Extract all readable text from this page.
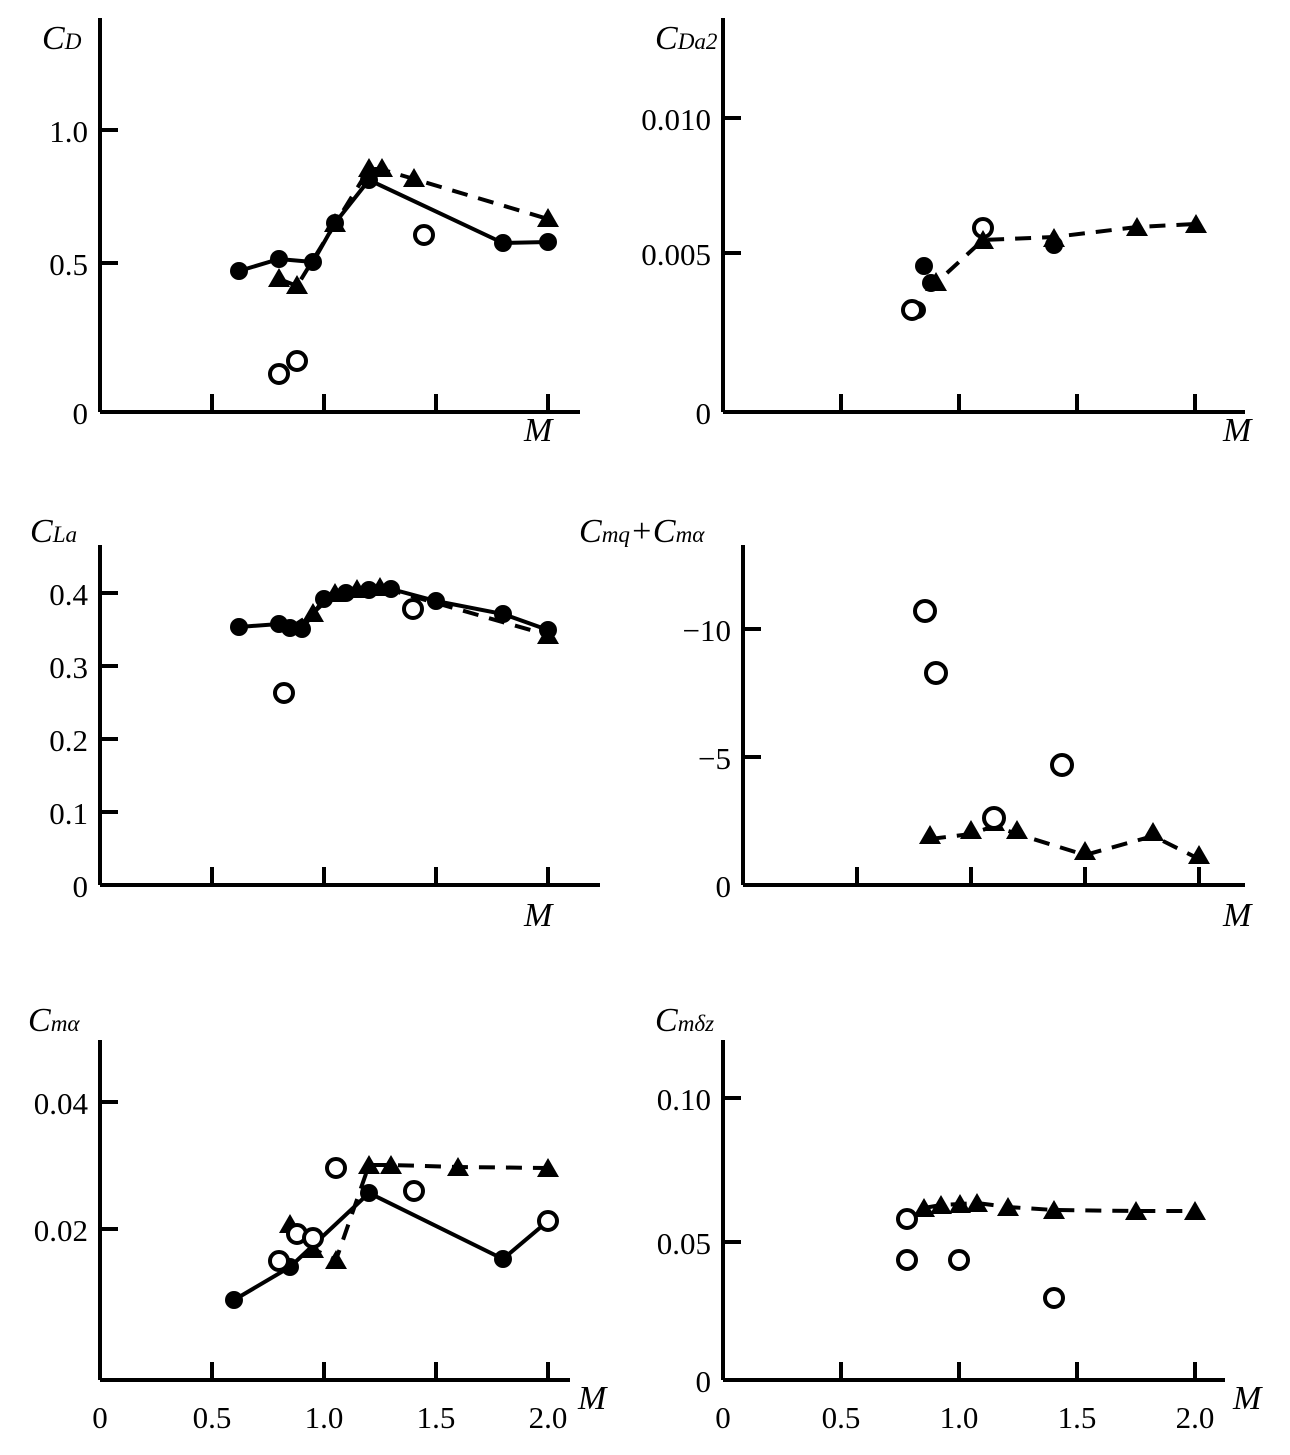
CD
M
1.0
0.5
0
CDa2
M
0.010
0.005
0
CLa
M
0.4
0.3
0.2
0.1
0
Cmq+Cmα
M
−10
−5
0
Cmα
M
0.04
0.02
0	0.5 1.0 1.5 2.0
Cmδz
M
0.10
0.05
0
0	0.5	1.0	1.5	2.0
